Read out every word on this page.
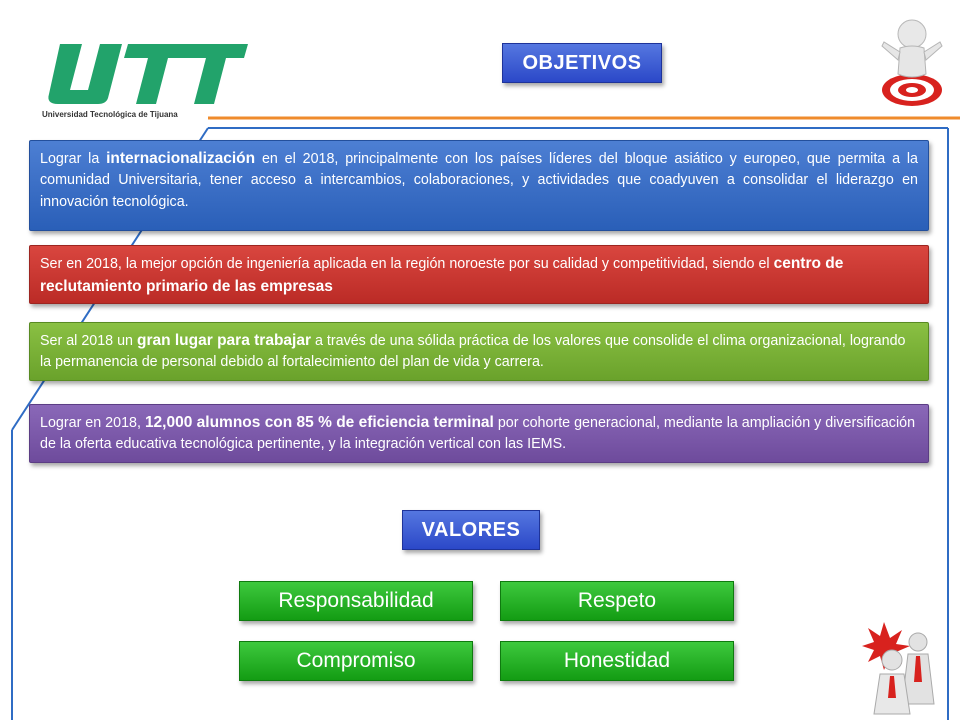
Universidad Tecnológica de Tijuana
OBJETIVOS
Lograr la internacionalización en el 2018, principalmente con los países líderes del bloque asiático y europeo, que permita a la comunidad Universitaria, tener acceso a intercambios, colaboraciones, y actividades que coadyuven a consolidar el liderazgo en innovación tecnológica.
Ser en 2018, la mejor opción de ingeniería aplicada en la región noroeste por su calidad y competitividad, siendo el centro de reclutamiento primario de las empresas
Ser al 2018 un gran lugar para trabajar a través de una sólida práctica de los valores que consolide el clima organizacional, logrando la permanencia de personal debido al fortalecimiento del plan de vida y carrera.
Lograr en 2018, 12,000 alumnos con 85 % de eficiencia terminal por cohorte generacional, mediante la ampliación y diversificación de la oferta educativa tecnológica pertinente, y la integración vertical con las IEMS.
VALORES
Responsabilidad	Respeto
Compromiso	Honestidad
